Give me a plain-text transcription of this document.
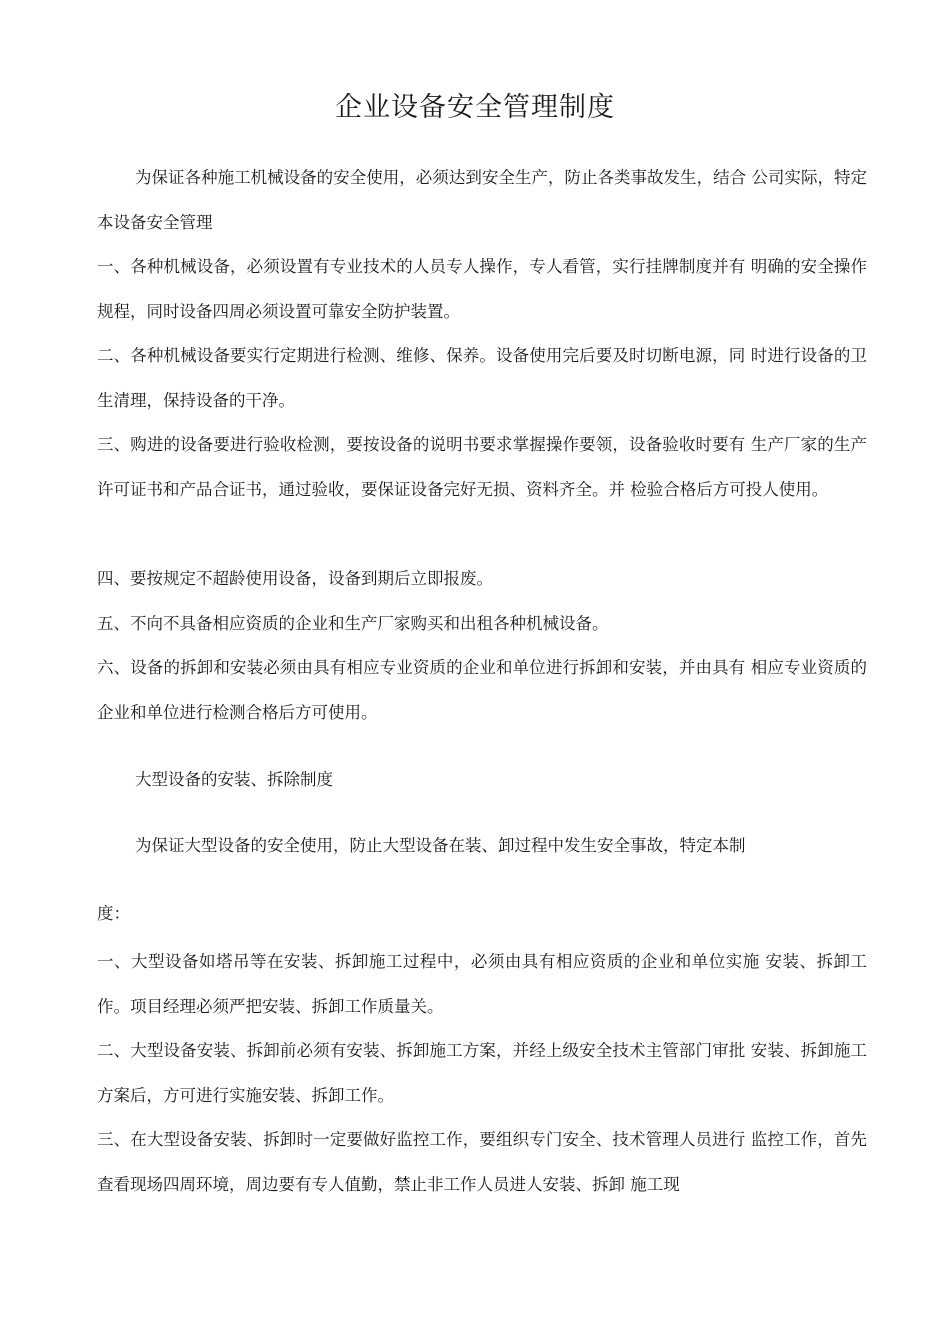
企业设备安全管理制度

为保证各种施工机械设备的安全使用，必须达到安全生产，防止各类事故发生，结合 公司实际，特定本设备安全管理

一、各种机械设备，必须设置有专业技术的人员专人操作，专人看管，实行挂牌制度并有 明确的安全操作规程，同时设备四周必须设置可靠安全防护装置。

二、各种机械设备要实行定期进行检测、维修、保养。设备使用完后要及时切断电源，同 时进行设备的卫生清理，保持设备的干净。

三、购进的设备要进行验收检测，要按设备的说明书要求掌握操作要领，设备验收时要有 生产厂家的生产许可证书和产品合证书，通过验收，要保证设备完好无损、资料齐全。并 检验合格后方可投人使用。

四、要按规定不超龄使用设备，设备到期后立即报废。

五、不向不具备相应资质的企业和生产厂家购买和出租各种机械设备。

六、设备的拆卸和安装必须由具有相应专业资质的企业和单位进行拆卸和安装，并由具有 相应专业资质的企业和单位进行检测合格后方可使用。

大型设备的安装、拆除制度

为保证大型设备的安全使用，防止大型设备在装、卸过程中发生安全事故，特定本制

度：

一、大型设备如塔吊等在安装、拆卸施工过程中，必须由具有相应资质的企业和单位实施 安装、拆卸工作。项目经理必须严把安装、拆卸工作质量关。

二、大型设备安装、拆卸前必须有安装、拆卸施工方案，并经上级安全技术主管部门审批 安装、拆卸施工方案后，方可进行实施安装、拆卸工作。

三、在大型设备安装、拆卸时一定要做好监控工作，要组织专门安全、技术管理人员进行 监控工作，首先查看现场四周环境，周边要有专人值勤，禁止非工作人员进人安装、拆卸 施工现
